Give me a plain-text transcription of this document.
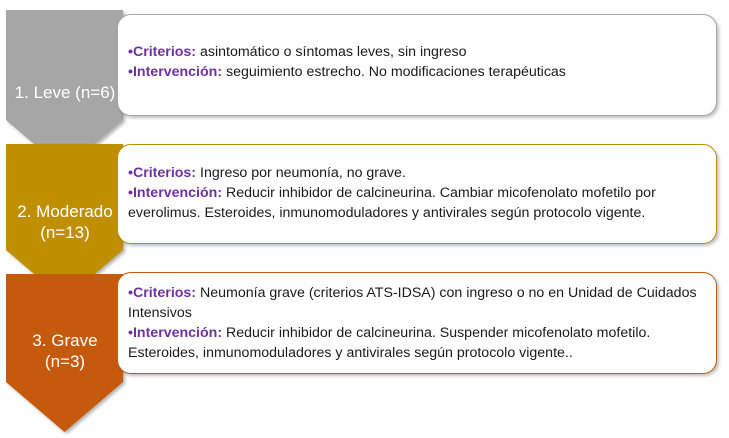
1. Leve (n=6)
2. Moderado
(n=13)
3. Grave
(n=3)

•Criterios: asintomático o síntomas leves, sin ingreso

•Intervención: seguimiento estrecho. No modificaciones terapéuticas

•Criterios: Ingreso por neumonía, no grave.

•Intervención: Reducir inhibidor de calcineurina. Cambiar micofenolato mofetilo por everolimus. Esteroides, inmunomoduladores y antivirales según protocolo vigente.

•Criterios: Neumonía grave (criterios ATS-IDSA) con ingreso o no en Unidad de Cuidados Intensivos

•Intervención: Reducir inhibidor de calcineurina. Suspender micofenolato mofetilo. Esteroides, inmunomoduladores y antivirales según protocolo vigente..
